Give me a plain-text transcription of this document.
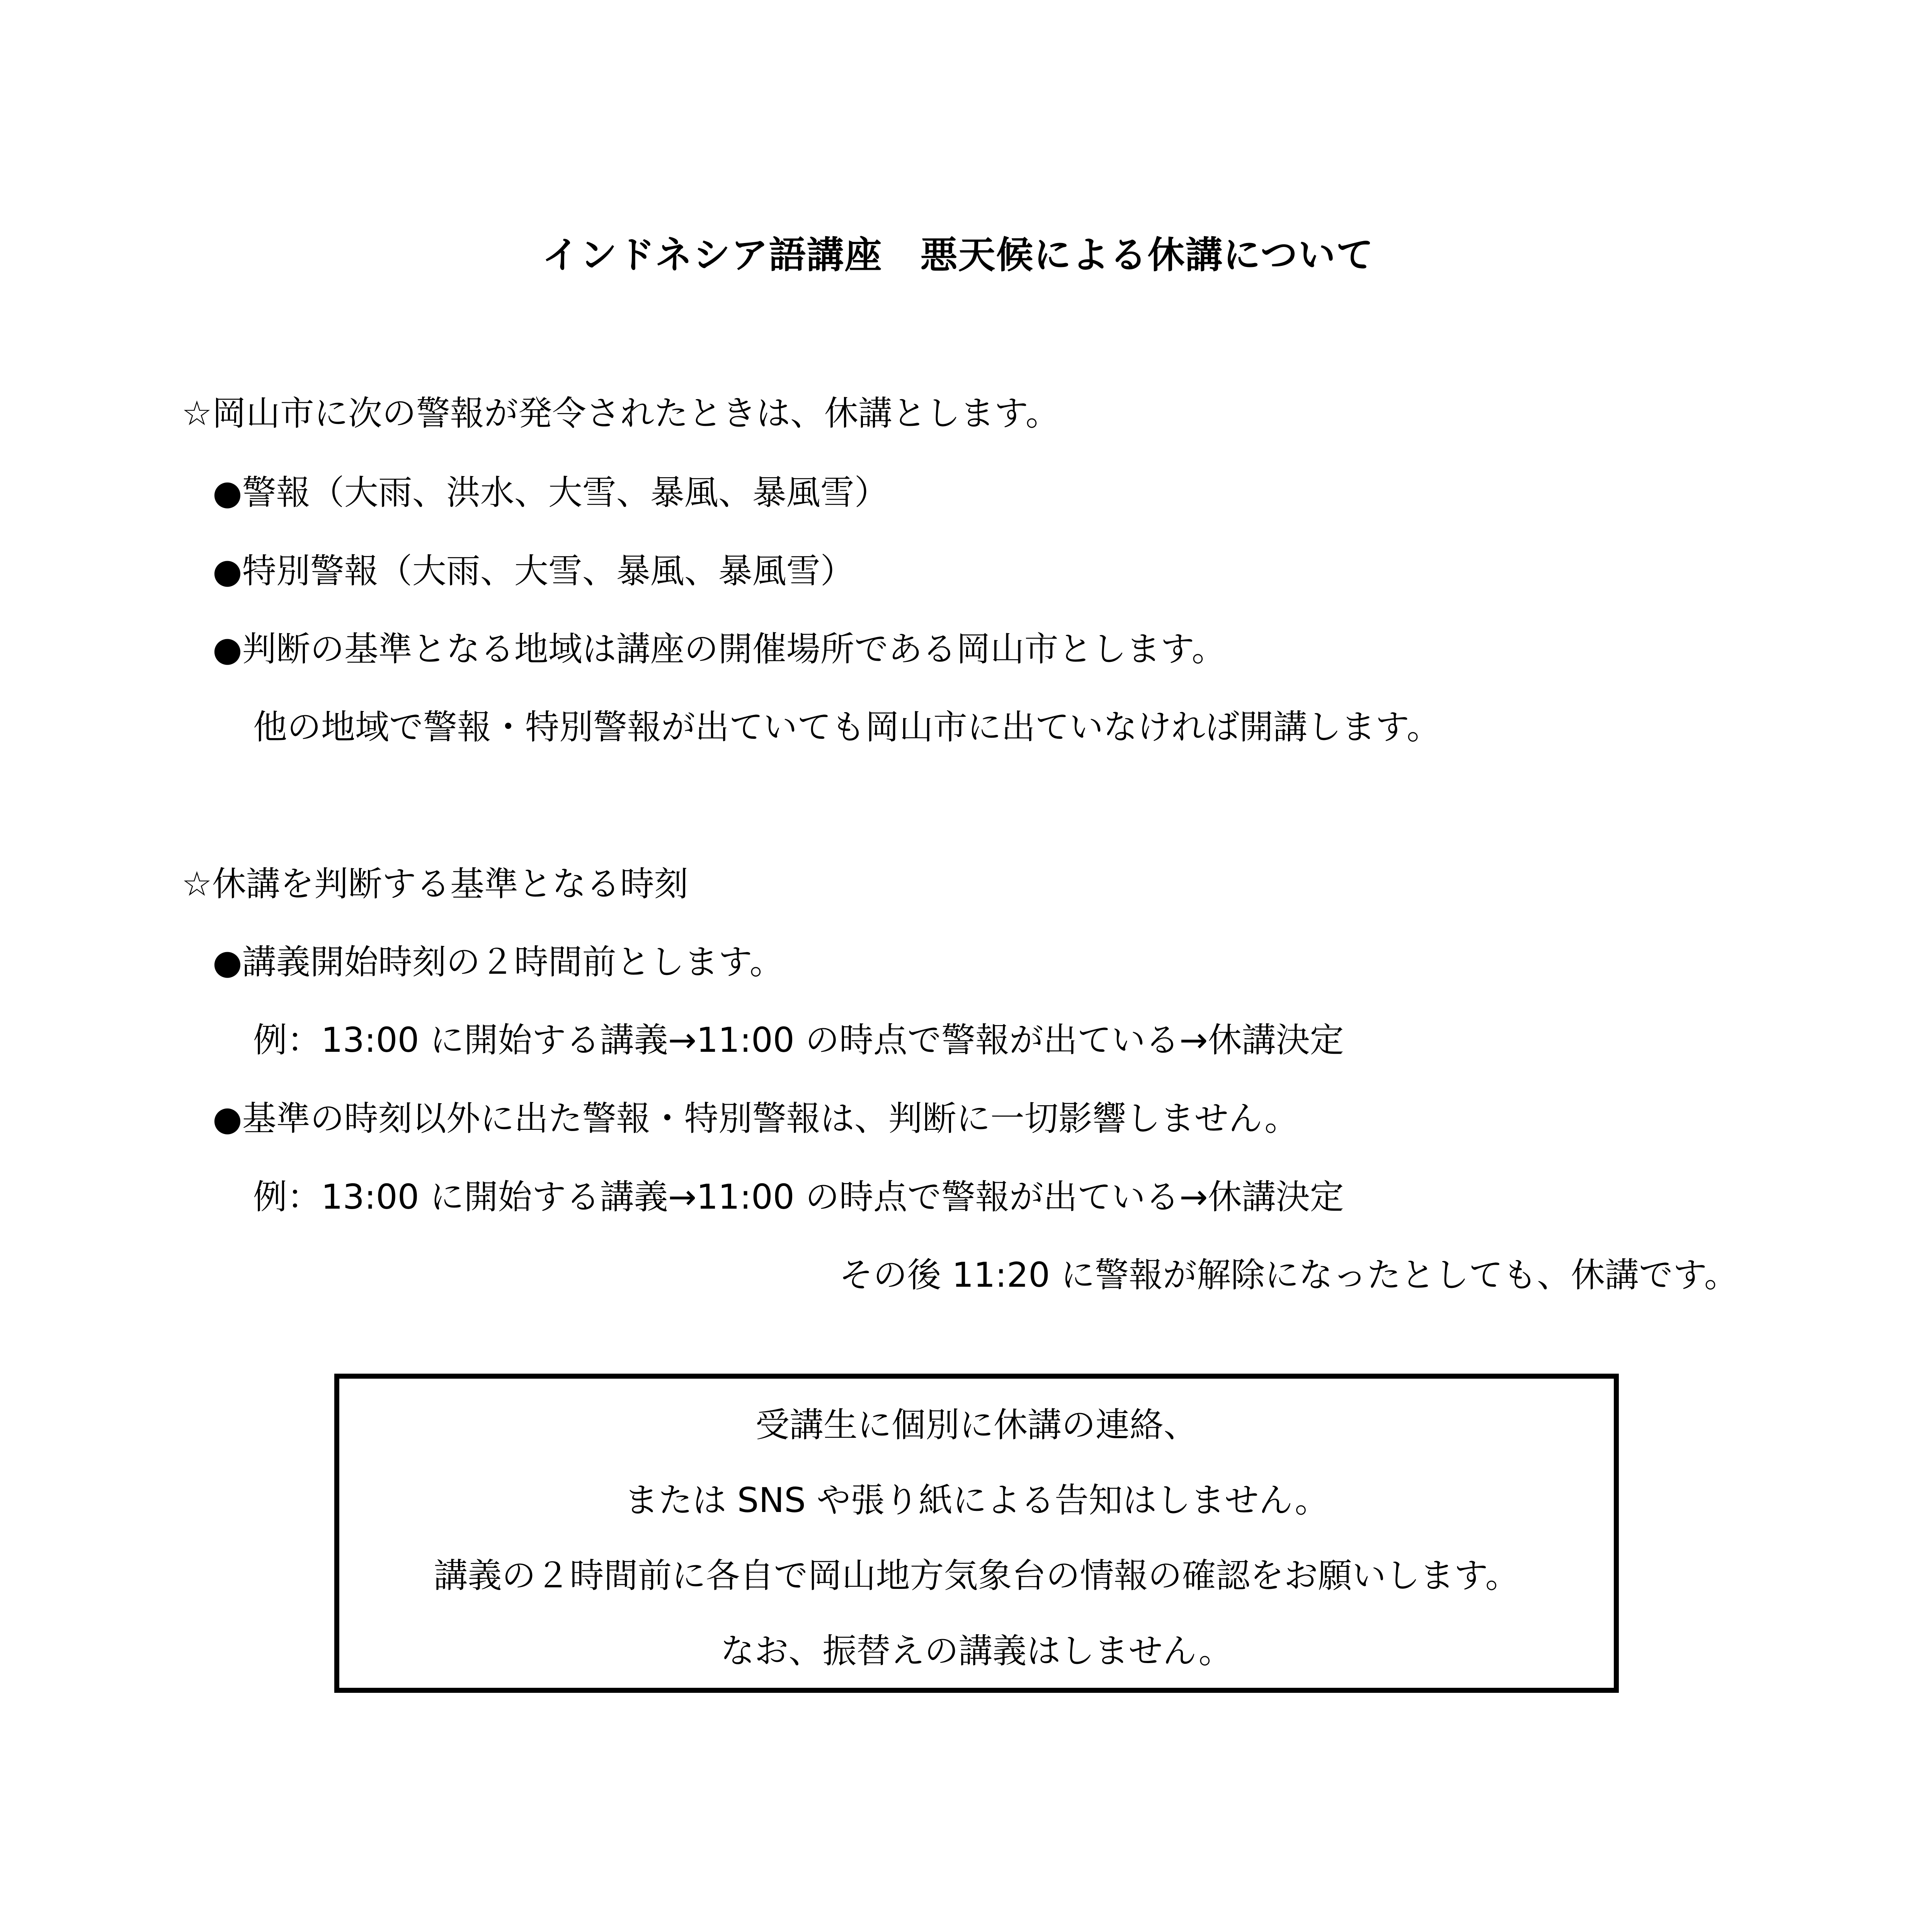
インドネシア語講座　悪天候による休講について
☆岡山市に次の警報が発令されたときは、休講とします。
●警報（大雨、洪水、大雪、暴風、暴風雪）
●特別警報（大雨、大雪、暴風、暴風雪）
●判断の基準となる地域は講座の開催場所である岡山市とします。
他の地域で警報・特別警報が出ていても岡山市に出ていなければ開講します。
☆休講を判断する基準となる時刻
●講義開始時刻の２時間前とします。
例：13:00 に開始する講義→11:00 の時点で警報が出ている→休講決定
●基準の時刻以外に出た警報・特別警報は、判断に一切影響しません。
例：13:00 に開始する講義→11:00 の時点で警報が出ている→休講決定
その後 11:20 に警報が解除になったとしても、休講です。
受講生に個別に休講の連絡、
または SNS や張り紙による告知はしません。
講義の２時間前に各自で岡山地方気象台の情報の確認をお願いします。
なお、振替えの講義はしません。
